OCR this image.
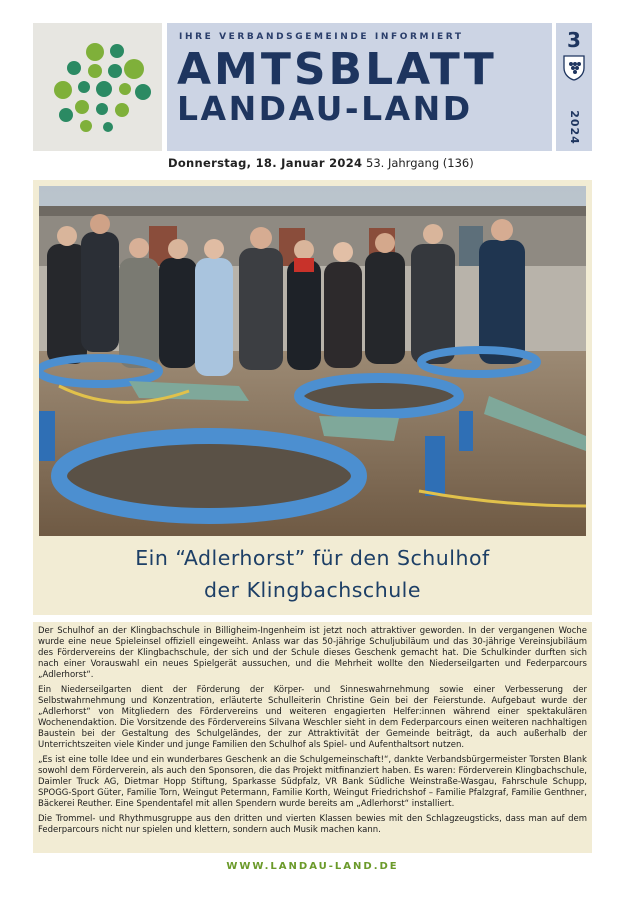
IHRE VERBANDSGEMEINDE INFORMIERT
AMTSBLATT
LANDAU-LAND
3
2024
Donnerstag, 18. Januar 2024 53. Jahrgang (136)
Ein “Adlerhorst” für den Schulhof
der Klingbachschule

Der Schulhof an der Klingbachschule in Billigheim-Ingenheim ist jetzt noch attraktiver geworden. In der vergangenen Woche wurde eine neue Spieleinsel offiziell eingeweiht. Anlass war das 50-jährige Schuljubiläum und das 30-jährige Vereinsjubiläum des Fördervereins der Klingbachschule, der sich und der Schule dieses Geschenk gemacht hat. Die Schulkinder durften sich nach einer Vorauswahl ein neues Spielgerät aussuchen, und die Mehrheit wollte den Niederseilgarten und Federparcours „Adlerhorst“.

Ein Niederseilgarten dient der Förderung der Körper- und Sinneswahrnehmung sowie einer Verbesserung der Selbstwahrnehmung und Konzentration, erläuterte Schulleiterin Christine Gein bei der Feierstunde. Aufgebaut wurde der „Adlerhorst“ von Mitgliedern des Fördervereins und weiteren engagierten Helfer:innen während einer spektakulären Wochenendaktion. Die Vorsitzende des Fördervereins Silvana Weschler sieht in dem Federparcours einen weiteren nachhaltigen Baustein bei der Gestaltung des Schulgeländes, der zur Attraktivität der Gemeinde beiträgt, da auch außerhalb der Unterrichtszeiten viele Kinder und junge Familien den Schulhof als Spiel- und Aufenthaltsort nutzen.

„Es ist eine tolle Idee und ein wunderbares Geschenk an die Schulgemeinschaft!“, dankte Verbandsbürgermeister Torsten Blank sowohl dem Förderverein, als auch den Sponsoren, die das Projekt mitfinanziert haben. Es waren: Förderverein Klingbachschule, Daimler Truck AG, Dietmar Hopp Stiftung, Sparkasse Südpfalz, VR Bank Südliche Weinstraße-Wasgau, Fahrschule Schupp, SPOGG-Sport Güter, Familie Torn, Weingut Petermann, Familie Korth, Weingut Friedrichshof – Familie Pfalzgraf, Familie Genthner, Bäckerei Reuther. Eine Spendentafel mit allen Spendern wurde bereits am „Adlerhorst“ installiert.

Die Trommel- und Rhythmusgruppe aus den dritten und vierten Klassen bewies mit den Schlagzeugsticks, dass man auf dem Federparcours nicht nur spielen und klettern, sondern auch Musik machen kann.

WWW.LANDAU-LAND.DE
